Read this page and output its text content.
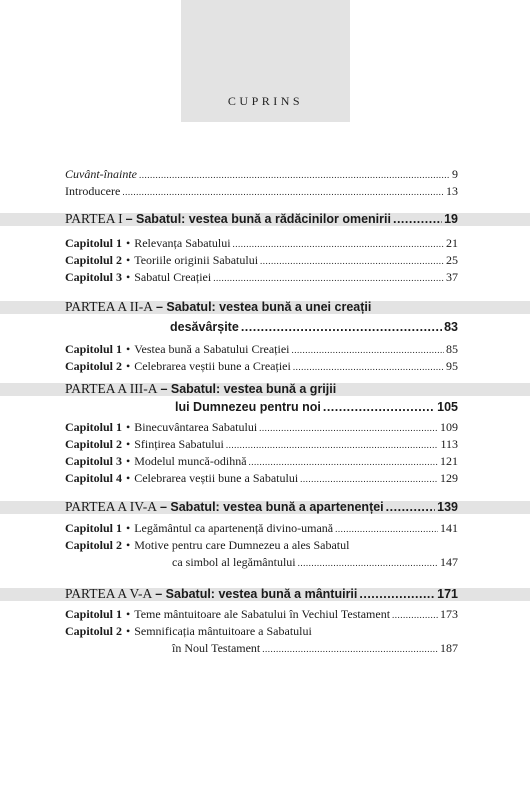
CUPRINS
Cuvânt-înainte .....	9
Introducere .....	13
PARTEA I – Sabatul: vestea bună a rădăcinilor omenirii .....	19
Capitolul 1 • Relevanța Sabatului .....	21
Capitolul 2 • Teoriile originii Sabatului .....	25
Capitolul 3 • Sabatul Creației .....	37
PARTEA A II-A – Sabatul: vestea bună a unei creații
desăvârșite .....	83
Capitolul 1 • Vestea bună a Sabatului Creației .....	85
Capitolul 2 • Celebrarea veștii bune a Creației .....	95
PARTEA A III-A – Sabatul: vestea bună a grijii
lui Dumnezeu pentru noi .....	105
Capitolul 1 • Binecuvântarea Sabatului .....	109
Capitolul 2 • Sfințirea Sabatului .....	113
Capitolul 3 • Modelul muncă-odihnă .....	121
Capitolul 4 • Celebrarea veștii bune a Sabatului .....	129
PARTEA A IV-A – Sabatul: vestea bună a apartenenței .....	139
Capitolul 1 • Legământul ca apartenență divino-umană .....	141
Capitolul 2 • Motive pentru care Dumnezeu a ales Sabatul
ca simbol al legământului .....	147
PARTEA A V-A – Sabatul: vestea bună a mântuirii .....	171
Capitolul 1 • Teme mântuitoare ale Sabatului în Vechiul Testament .....	173
Capitolul 2 • Semnificația mântuitoare a Sabatului
în Noul Testament .....	187
